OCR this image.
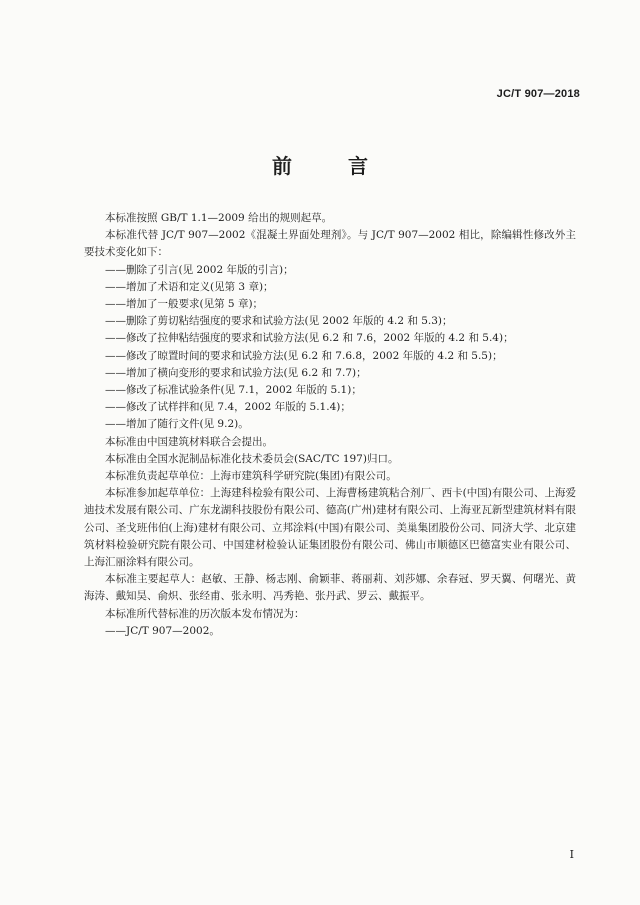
JC/T 907—2018
前　言

本标准按照 GB/T 1.1—2009 给出的规则起草。

本标准代替 JC/T 907—2002《混凝土界面处理剂》。与 JC/T 907—2002 相比，除编辑性修改外主要技术变化如下：

——删除了引言(见 2002 年版的引言)；

——增加了术语和定义(见第 3 章)；

——增加了一般要求(见第 5 章)；

——删除了剪切粘结强度的要求和试验方法(见 2002 年版的 4.2 和 5.3)；

——修改了拉伸粘结强度的要求和试验方法(见 6.2 和 7.6，2002 年版的 4.2 和 5.4)；

——修改了晾置时间的要求和试验方法(见 6.2 和 7.6.8，2002 年版的 4.2 和 5.5)；

——增加了横向变形的要求和试验方法(见 6.2 和 7.7)；

——修改了标准试验条件(见 7.1，2002 年版的 5.1)；

——修改了试样拌和(见 7.4，2002 年版的 5.1.4)；

——增加了随行文件(见 9.2)。

本标准由中国建筑材料联合会提出。

本标准由全国水泥制品标准化技术委员会(SAC/TC 197)归口。

本标准负责起草单位：上海市建筑科学研究院(集团)有限公司。

本标准参加起草单位：上海建科检验有限公司、上海曹杨建筑粘合剂厂、西卡(中国)有限公司、上海爱迪技术发展有限公司、广东龙湖科技股份有限公司、德高(广州)建材有限公司、上海亚瓦新型建筑材料有限公司、圣戈班伟伯(上海)建材有限公司、立邦涂料(中国)有限公司、美巢集团股份公司、同济大学、北京建筑材料检验研究院有限公司、中国建材检验认证集团股份有限公司、佛山市顺德区巴德富实业有限公司、上海汇丽涂料有限公司。

本标准主要起草人：赵敏、王静、杨志刚、俞颖菲、蒋丽莉、刘莎娜、余春冠、罗天翼、何曙光、黄海涛、戴知昊、俞炽、张经甫、张永明、冯秀艳、张丹武、罗云、戴振平。

本标准所代替标准的历次版本发布情况为：

——JC/T 907—2002。

I
